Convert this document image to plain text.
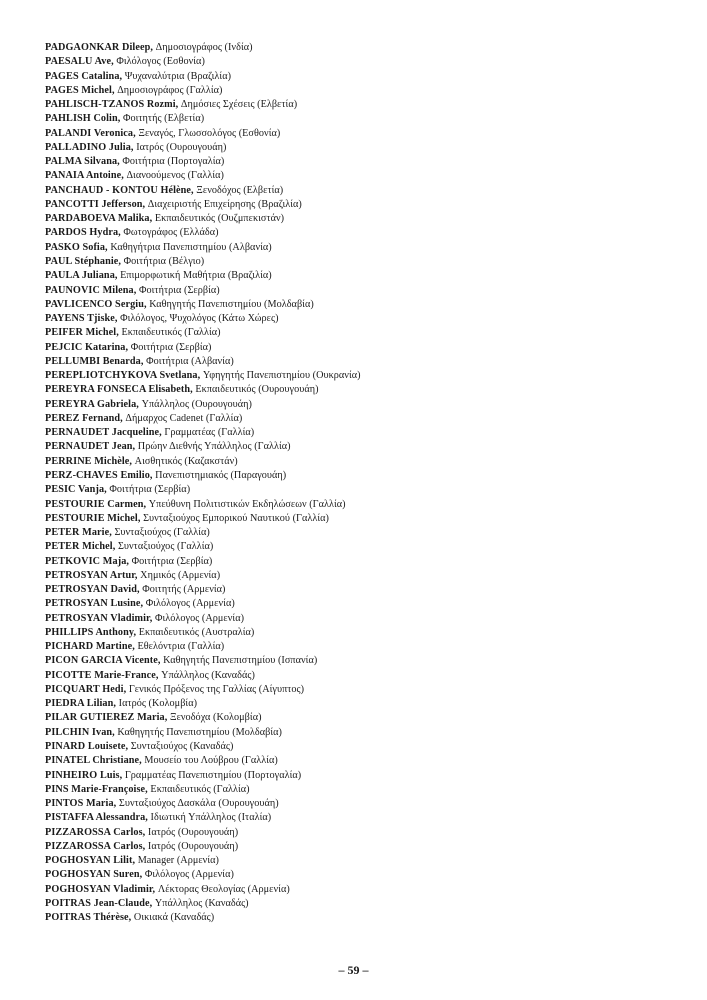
PADGAONKAR Dileep, Δημοσιογράφος (Ινδία)
PAESALU Ave, Φιλόλογος (Εσθονία)
PAGES Catalina, Ψυχαναλύτρια (Βραζιλία)
PAGES Michel, Δημοσιογράφος (Γαλλία)
PAHLISCH-TZANOS Rozmi, Δημόσιες Σχέσεις (Ελβετία)
PAHLISH Colin, Φοιτητής (Ελβετία)
PALANDI Veronica, Ξεναγός, Γλωσσολόγος (Εσθονία)
PALLADINO Julia, Ιατρός (Ουρουγουάη)
PALMA Silvana, Φοιτήτρια (Πορτογαλία)
PANAIA Antoine, Διανοούμενος (Γαλλία)
PANCHAUD - KONTOU Hélène, Ξενοδόχος (Ελβετία)
PANCOTTI Jefferson, Διαχειριστής Επιχείρησης (Βραζιλία)
PARDABOEVA Malika, Εκπαιδευτικός (Ουζμπεκιστάν)
PARDOS Hydra, Φωτογράφος (Ελλάδα)
PASKO Sofia, Καθηγήτρια Πανεπιστημίου (Αλβανία)
PAUL Stéphanie, Φοιτήτρια (Βέλγιο)
PAULA Juliana, Επιμορφωτική Μαθήτρια (Βραζιλία)
PAUNOVIC Milena, Φοιτήτρια (Σερβία)
PAVLICENCO Sergiu, Καθηγητής Πανεπιστημίου (Μολδαβία)
PAYENS Tjiske, Φιλόλογος, Ψυχολόγος (Κάτω Χώρες)
PEIFER Michel, Εκπαιδευτικός (Γαλλία)
PEJCIC Katarina, Φοιτήτρια (Σερβία)
PELLUMBI Benarda, Φοιτήτρια (Αλβανία)
PEREPLIOTCHYKOVA Svetlana, Υφηγητής Πανεπιστημίου (Ουκρανία)
PEREYRA FONSECA Elisabeth, Εκπαιδευτικός (Ουρουγουάη)
PEREYRA Gabriela, Υπάλληλος (Ουρουγουάη)
PEREZ Fernand, Δήμαρχος Cadenet (Γαλλία)
PERNAUDET Jacqueline, Γραμματέας (Γαλλία)
PERNAUDET Jean, Πρώην Διεθνής Υπάλληλος (Γαλλία)
PERRINE Michèle, Αισθητικός (Καζακστάν)
PERZ-CHAVES Emilio, Πανεπιστημιακός (Παραγουάη)
PESIC Vanja, Φοιτήτρια (Σερβία)
PESTOURIE Carmen, Υπεύθυνη Πολιτιστικών Εκδηλώσεων (Γαλλία)
PESTOURIE Michel, Συνταξιούχος Εμπορικού Ναυτικού (Γαλλία)
PETER Marie, Συνταξιούχος (Γαλλία)
PETER Michel, Συνταξιούχος (Γαλλία)
PETKOVIC Maja, Φοιτήτρια (Σερβία)
PETROSYAN Artur, Χημικός (Αρμενία)
PETROSYAN David, Φοιτητής (Αρμενία)
PETROSYAN Lusine, Φιλόλογος (Αρμενία)
PETROSYAN Vladimir, Φιλόλογος (Αρμενία)
PHILLIPS Anthony, Εκπαιδευτικός (Αυστραλία)
PICHARD Martine, Εθελόντρια (Γαλλία)
PICON GARCIA Vicente, Καθηγητής Πανεπιστημίου (Ισπανία)
PICOTTE Marie-France, Υπάλληλος (Καναδάς)
PICQUART Hedi, Γενικός Πρόξενος της Γαλλίας (Αίγυπτος)
PIEDRA Lilian, Ιατρός (Κολομβία)
PILAR GUTIEREZ Maria, Ξενοδόχα (Κολομβία)
PILCHIN Ivan, Καθηγητής Πανεπιστημίου (Μολδαβία)
PINARD Louisete, Συνταξιούχος (Καναδάς)
PINATEL Christiane, Μουσείο του Λούβρου (Γαλλία)
PINHEIRO Luis, Γραμματέας Πανεπιστημίου (Πορτογαλία)
PINS Marie-Françoise, Εκπαιδευτικός (Γαλλία)
PINTOS Maria, Συνταξιούχος Δασκάλα (Ουρουγουάη)
PISTAFFA Alessandra, Ιδιωτική Υπάλληλος (Ιταλία)
PIZZAROSSA Carlos, Ιατρός (Ουρουγουάη)
PIZZAROSSA Carlos, Ιατρός (Ουρουγουάη)
POGHOSYAN Lilit, Manager (Αρμενία)
POGHOSYAN Suren, Φιλόλογος (Αρμενία)
POGHOSYAN Vladimir, Λέκτορας Θεολογίας (Αρμενία)
POITRAS Jean-Claude, Υπάλληλος (Καναδάς)
POITRAS Thérèse, Οικιακά (Καναδάς)
– 59 –
